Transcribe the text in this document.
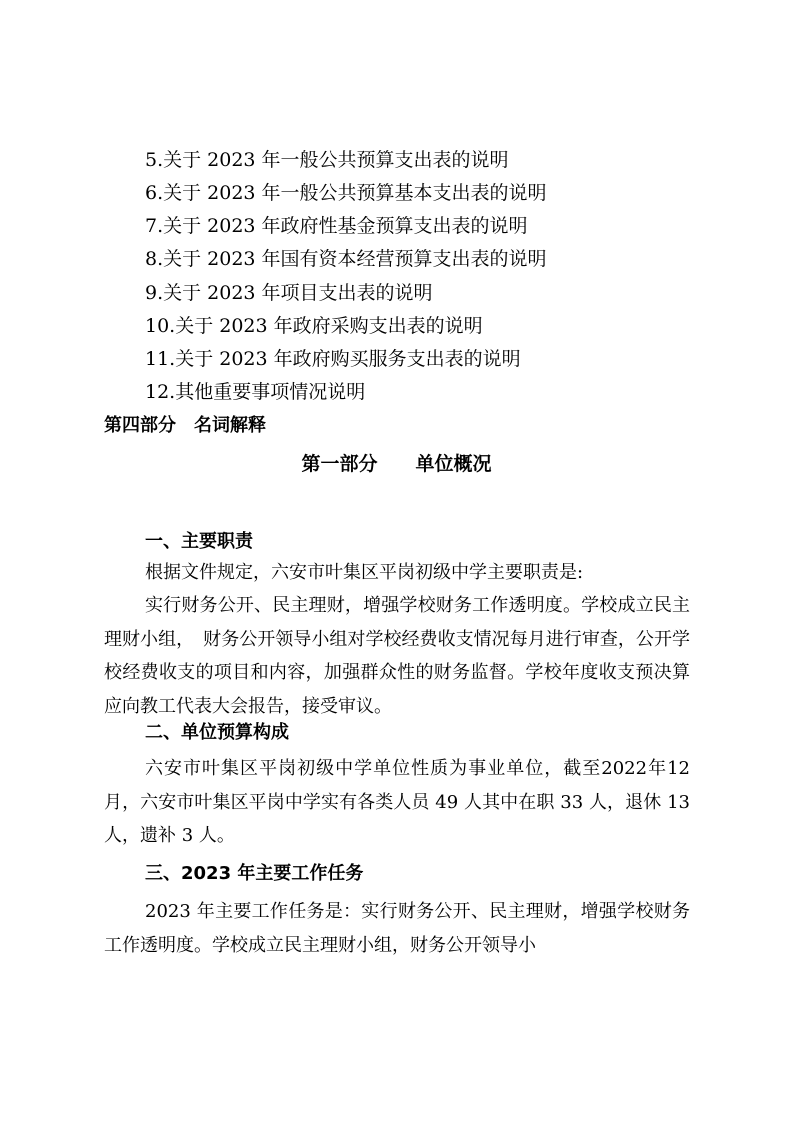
5.关于 2023 年一般公共预算支出表的说明
6.关于 2023 年一般公共预算基本支出表的说明
7.关于 2023 年政府性基金预算支出表的说明
8.关于 2023 年国有资本经营预算支出表的说明
9.关于 2023 年项目支出表的说明
10.关于 2023 年政府采购支出表的说明
11.关于 2023 年政府购买服务支出表的说明
12.其他重要事项情况说明
第四部分　名词解释
第一部分　　单位概况
一、主要职责

根据文件规定，六安市叶集区平岗初级中学主要职责是:

实行财务公开、民主理财，增强学校财务工作透明度。学校成立民主理财小组，　财务公开领导小组对学校经费收支情况每月进行审查，公开学校经费收支的项目和内容，加强群众性的财务监督。学校年度收支预决算应向教工代表大会报告，接受审议。

二、单位预算构成

六安市叶集区平岗初级中学单位性质为事业单位，截至2022年12月，六安市叶集区平岗中学实有各类人员 49 人其中在职 33 人，退休 13 人，遗补 3 人。

三、2023 年主要工作任务

2023 年主要工作任务是：实行财务公开、民主理财，增强学校财务工作透明度。学校成立民主理财小组，财务公开领导小
